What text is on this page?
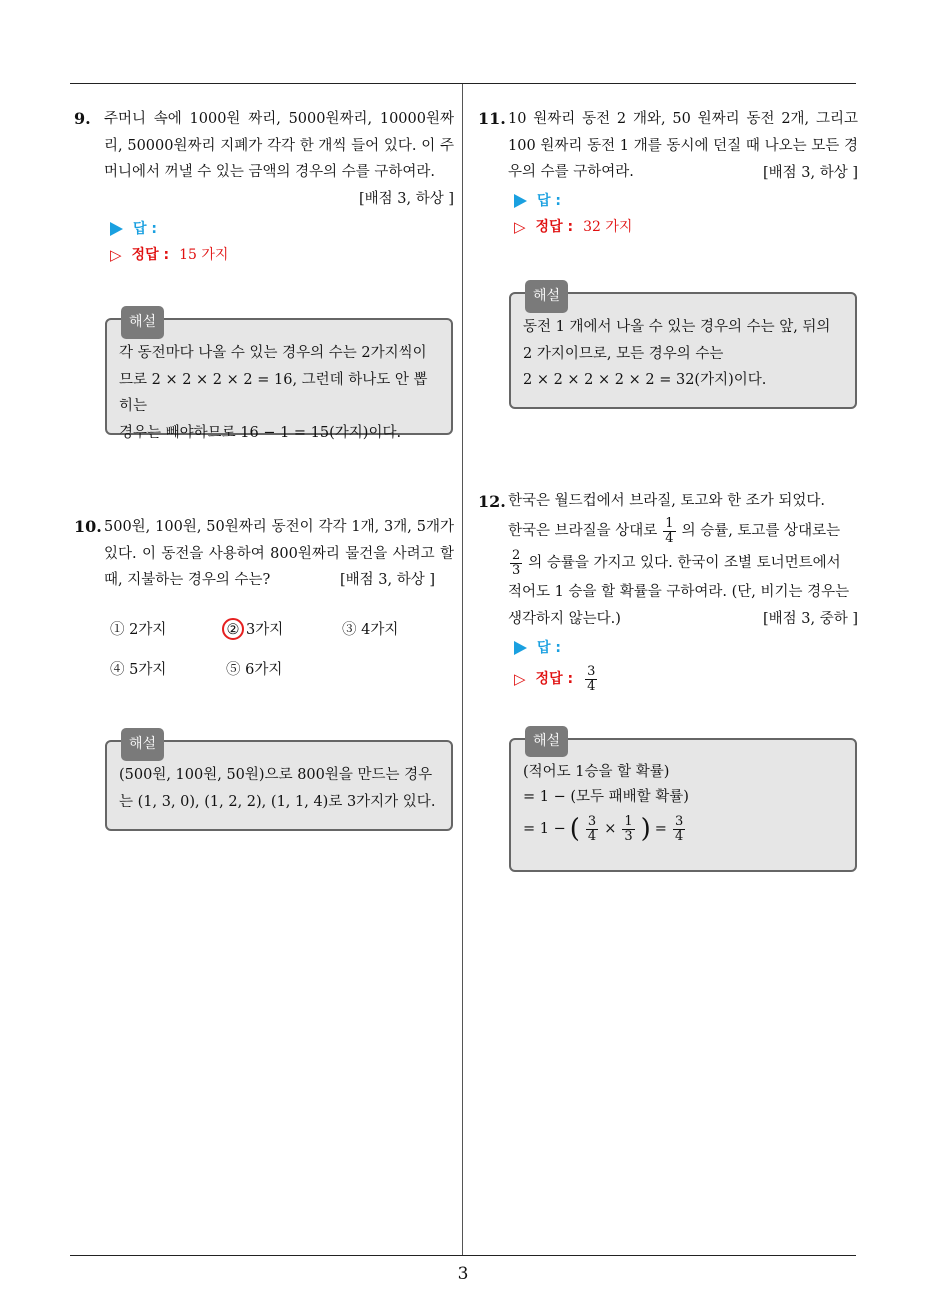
3
9. 주머니 속에 1000원 짜리, 5000원짜리, 10000원짜리, 50000원짜리 지폐가 각각 한 개씩 들어 있다. 이 주머니에서 꺼낼 수 있는 금액의 경우의 수를 구하여라.
[배점 3, 하상 ]
답 :
▷ 정답 : 15 가지
해설
각 동전마다 나올 수 있는 경우의 수는 2가지씩이
므로 2 × 2 × 2 × 2 = 16, 그런데 하나도 안 뽑히는
경우는 빼야하므로 16 − 1 = 15(가지)이다.
10. 500원, 100원, 50원짜리 동전이 각각 1개, 3개, 5개가 있다. 이 동전을 사용하여 800원짜리 물건을 사려고 할 때, 지불하는 경우의 수는?	[배점 3, 하상 ]
① 2가지	② 3가지	③ 4가지
④ 5가지	⑤ 6가지
해설
(500원, 100원, 50원)으로 800원을 만드는 경우
는 (1, 3, 0), (1, 2, 2), (1, 1, 4)로 3가지가 있다.
11. 10 원짜리 동전 2 개와, 50 원짜리 동전 2개, 그리고 100 원짜리 동전 1 개를 동시에 던질 때 나오는 모든 경우의 수를 구하여라.	[배점 3, 하상 ]
답 :
▷ 정답 : 32 가지
해설
동전 1 개에서 나올 수 있는 경우의 수는 앞, 뒤의
2 가지이므로, 모든 경우의 수는
2 × 2 × 2 × 2 × 2 = 32(가지)이다.
12. 한국은 월드컵에서 브라질, 토고와 한 조가 되었다.
한국은 브라질을 상대로 $\frac{1}{4}$ 의 승률, 토고를 상대로는
$\frac{2}{3}$ 의 승률을 가지고 있다. 한국이 조별 토너먼트에서
적어도 1 승을 할 확률을 구하여라. (단, 비기는 경우는
생각하지 않는다.)	[배점 3, 중하 ]
답 :
▷ 정답 : $\frac{3}{4}$
해설
(적어도 1승을 할 확률)
= 1 − (모두 패배할 확률)
= 1 − ( $\frac{3}{4} \times \frac{1}{3}$ ) = $\frac{3}{4}$
